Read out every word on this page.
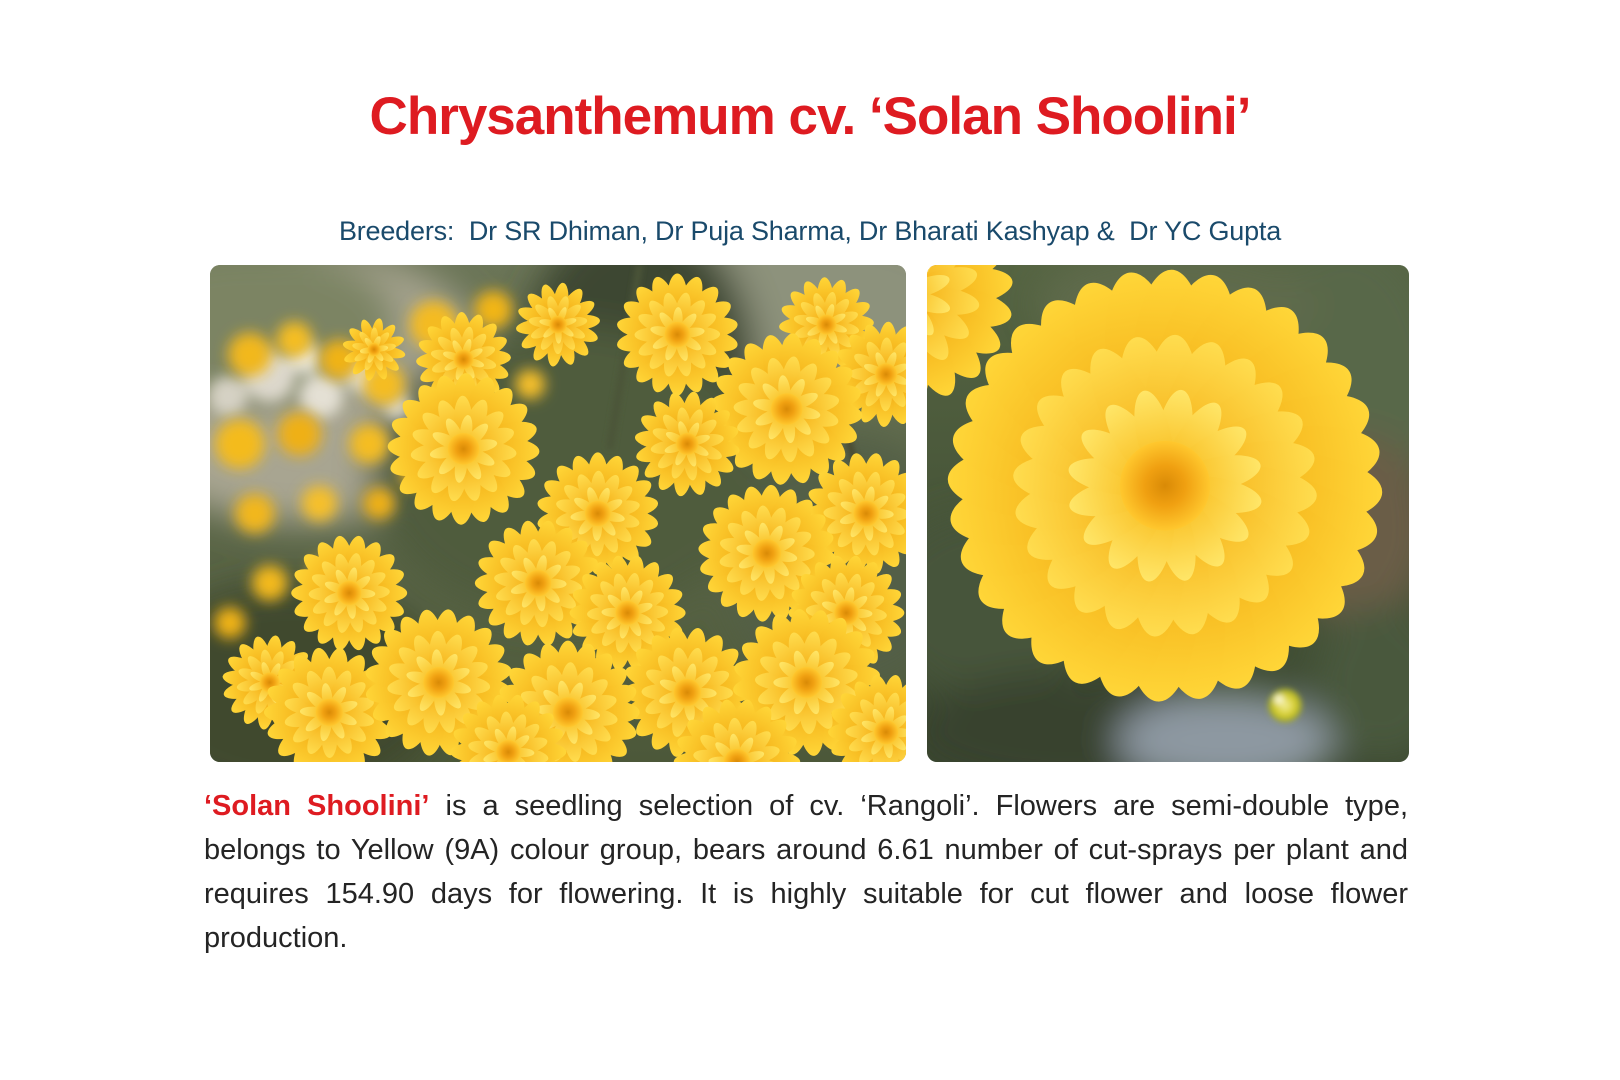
Chrysanthemum cv. ‘Solan Shoolini’

Breeders:  Dr SR Dhiman, Dr Puja Sharma, Dr Bharati Kashyap &  Dr YC Gupta

‘Solan Shoolini’ is a seedling selection of cv. ‘Rangoli’. Flowers are semi-double type, belongs to Yellow (9A) colour group, bears around 6.61 number of cut-sprays per plant and requires 154.90 days for flowering. It is highly suitable for cut flower and loose flower production.
